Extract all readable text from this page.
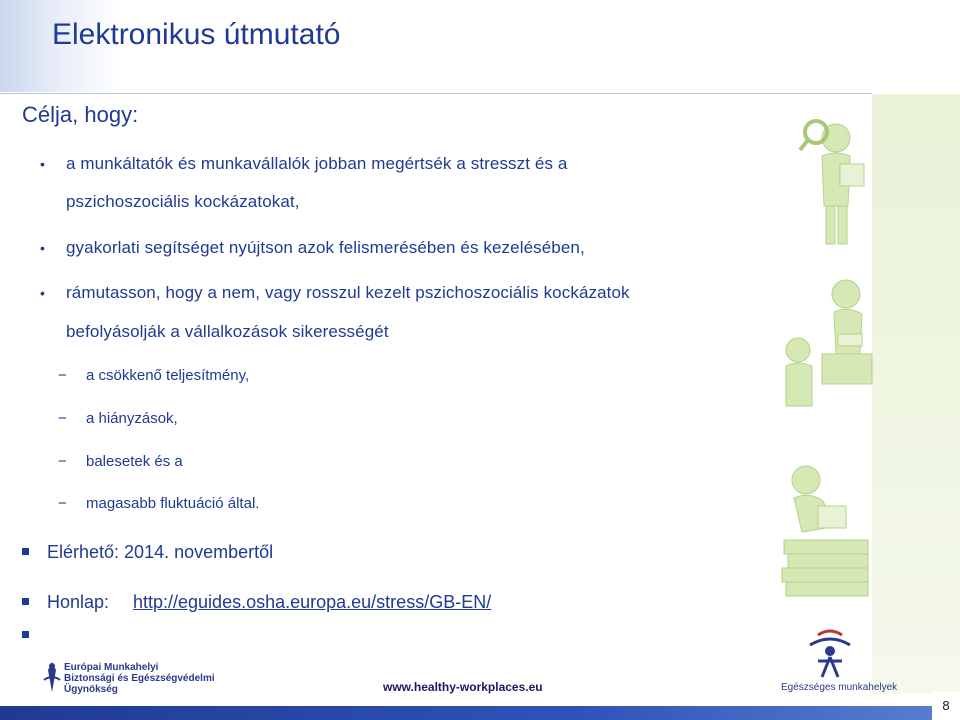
Elektronikus útmutató
Célja, hogy:
• a munkáltatók és munkavállalók jobban megértsék a stresszt és a
pszichoszociális kockázatokat,
• gyakorlati segítséget nyújtson azok felismerésében és kezelésében,
• rámutasson, hogy a nem, vagy rosszul kezelt pszichoszociális kockázatok
befolyásolják a vállalkozások sikerességét
− a csökkenő teljesítmény,
− a hiányzások,
− balesetek és a
− magasabb fluktuáció által.
Elérhető: 2014. novembertől
Honlap: http://eguides.osha.europa.eu/stress/GB-EN/
Európai Munkahelyi
Biztonsági és Egészségvédelmi
Ügynökség	www.healthy-workplaces.eu	Egészséges munkahelyek
8
